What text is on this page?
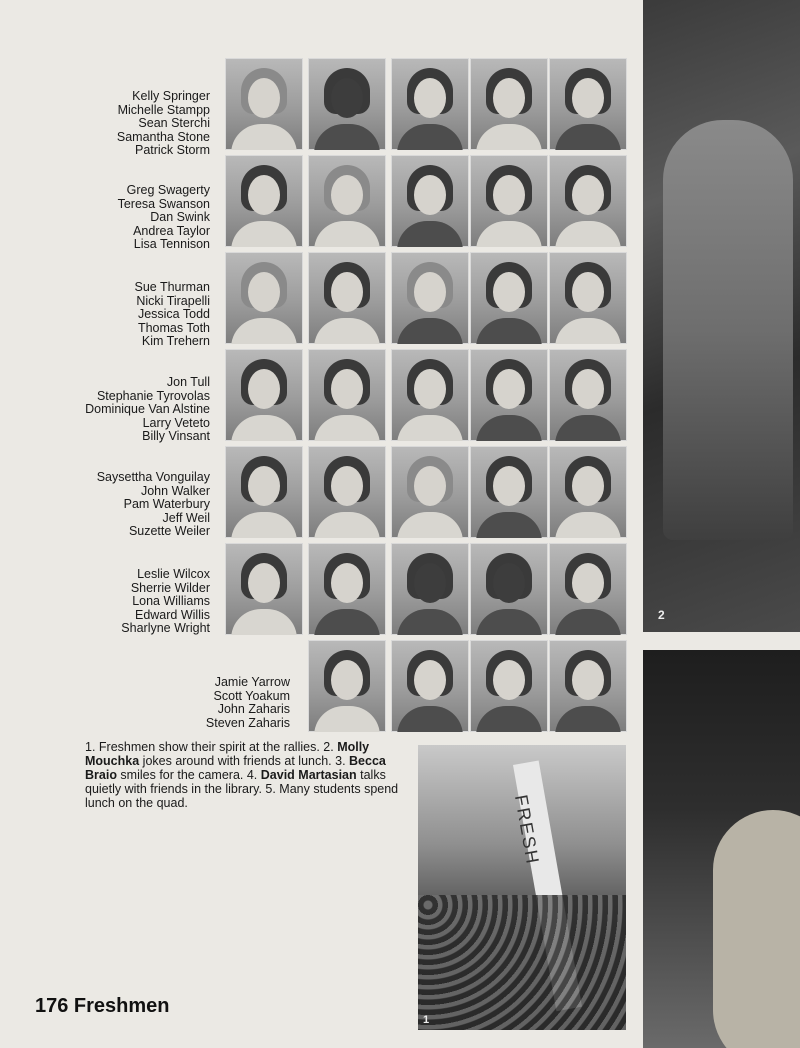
Kelly Springer
Michelle Stampp
Sean Sterchi
Samantha Stone
Patrick Storm
Greg Swagerty
Teresa Swanson
Dan Swink
Andrea Taylor
Lisa Tennison
Sue Thurman
Nicki Tirapelli
Jessica Todd
Thomas Toth
Kim Trehern
Jon Tull
Stephanie Tyrovolas
Dominique Van Alstine
Larry Veteto
Billy Vinsant
Saysettha Vonguilay
John Walker
Pam Waterbury
Jeff Weil
Suzette Weiler
Leslie Wilcox
Sherrie Wilder
Lona Williams
Edward Willis
Sharlyne Wright
Jamie Yarrow
Scott Yoakum
John Zaharis
Steven Zaharis
1. Freshmen show their spirit at the rallies. 2. Molly Mouchka jokes around with friends at lunch. 3. Becca Braio smiles for the camera. 4. David Martasian talks quietly with friends in the library. 5. Many students spend lunch on the quad.	FRESH
1
2
176 Freshmen
